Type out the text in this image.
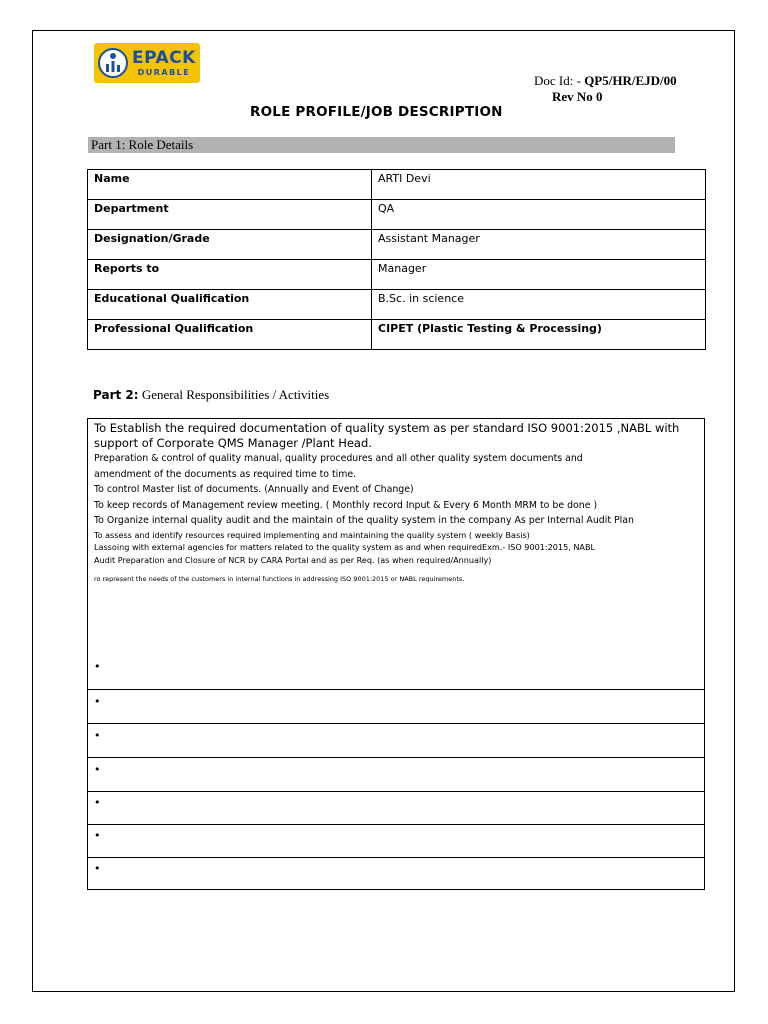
EPACK
DURABLE
Doc Id: - QP5/HR/EJD/00
Rev No 0
ROLE PROFILE/JOB DESCRIPTION
Part 1: Role Details
Name	ARTI Devi
Department	QA
Designation/Grade	Assistant Manager
Reports to	Manager
Educational Qualification	B.Sc. in science
Professional Qualification	CIPET (Plastic Testing & Processing)
Part 2: General Responsibilities / Activities
To Establish the required documentation of quality system as per standard ISO 9001:2015 ,NABL with
support of Corporate QMS Manager /Plant Head.
Preparation & control of quality manual, quality procedures and all other quality system documents and
amendment of the documents as required time to time.
To control Master list of documents. (Annually and Event of Change)
To keep records of Management review meeting. ( Monthly record Input & Every 6 Month MRM to be done )
To Organize internal quality audit and the maintain of the quality system in the company As per Internal Audit Plan
To assess and identify resources required implementing and maintaining the quality system ( weekly Basis)
Lassoing with external agencies for matters related to the quality system as and when requiredExm.- ISO 9001:2015, NABL
Audit Preparation and Closure of NCR by CARA Portal and as per Req. (as when required/Annually)
ro represent the needs of the customers in internal functions in addressing ISO 9001:2015 or NABL requirements.
•
•
•
•
•
•
•
